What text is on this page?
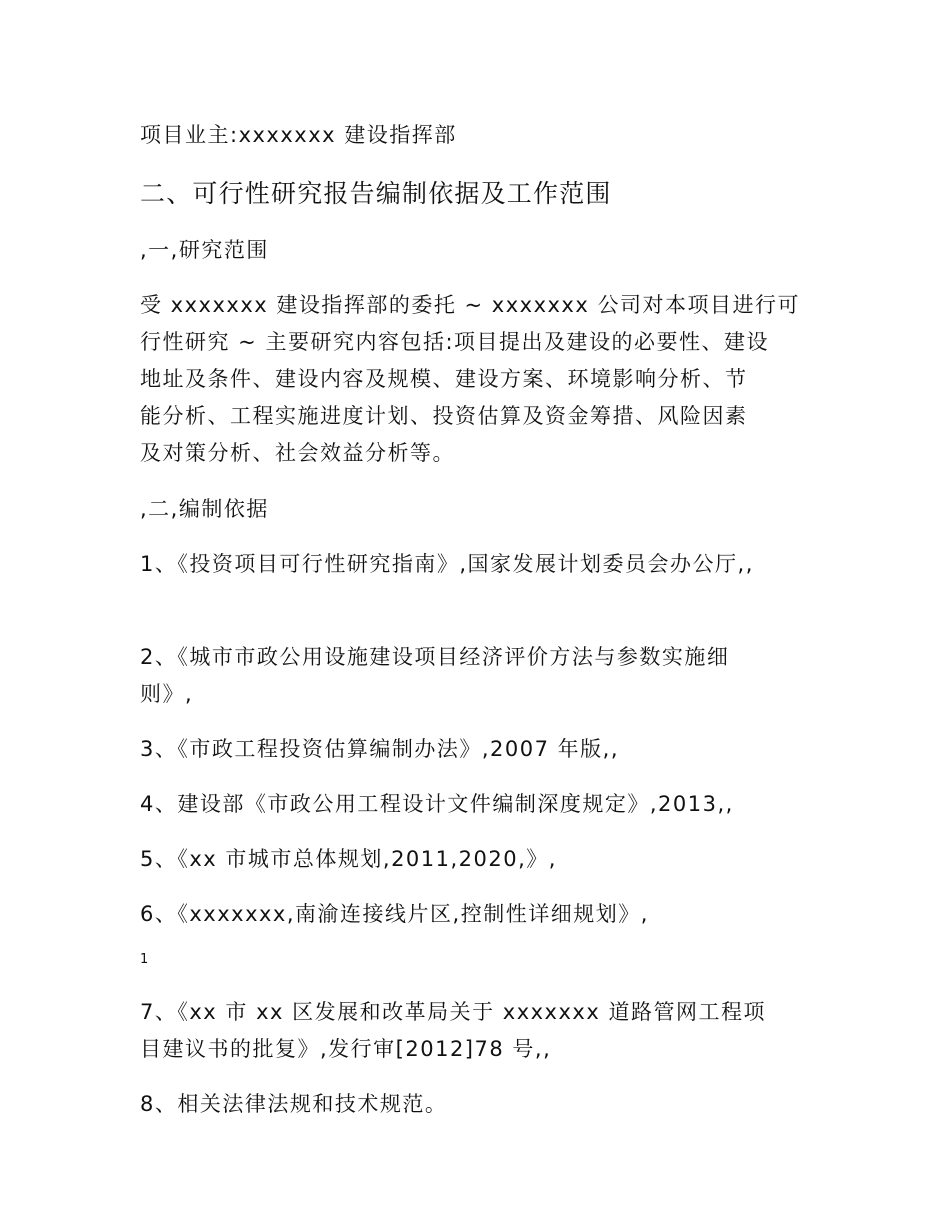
项目业主:xxxxxxx 建设指挥部
二、可行性研究报告编制依据及工作范围
,一,研究范围
受 xxxxxxx 建设指挥部的委托 ~ xxxxxxx 公司对本项目进行可
行性研究 ~ 主要研究内容包括:项目提出及建设的必要性、建设
地址及条件、建设内容及规模、建设方案、环境影响分析、节
能分析、工程实施进度计划、投资估算及资金筹措、风险因素
及对策分析、社会效益分析等。
,二,编制依据
1、《投资项目可行性研究指南》,国家发展计划委员会办公厅,,
2、《城市市政公用设施建设项目经济评价方法与参数实施细
则》,
3、《市政工程投资估算编制办法》,2007 年版,,
4、建设部《市政公用工程设计文件编制深度规定》,2013,,
5、《xx 市城市总体规划,2011,2020,》,
6、《xxxxxxx,南渝连接线片区,控制性详细规划》,
1
7、《xx 市 xx 区发展和改革局关于 xxxxxxx 道路管网工程项
目建议书的批复》,发行审[2012]78 号,,
8、相关法律法规和技术规范。
